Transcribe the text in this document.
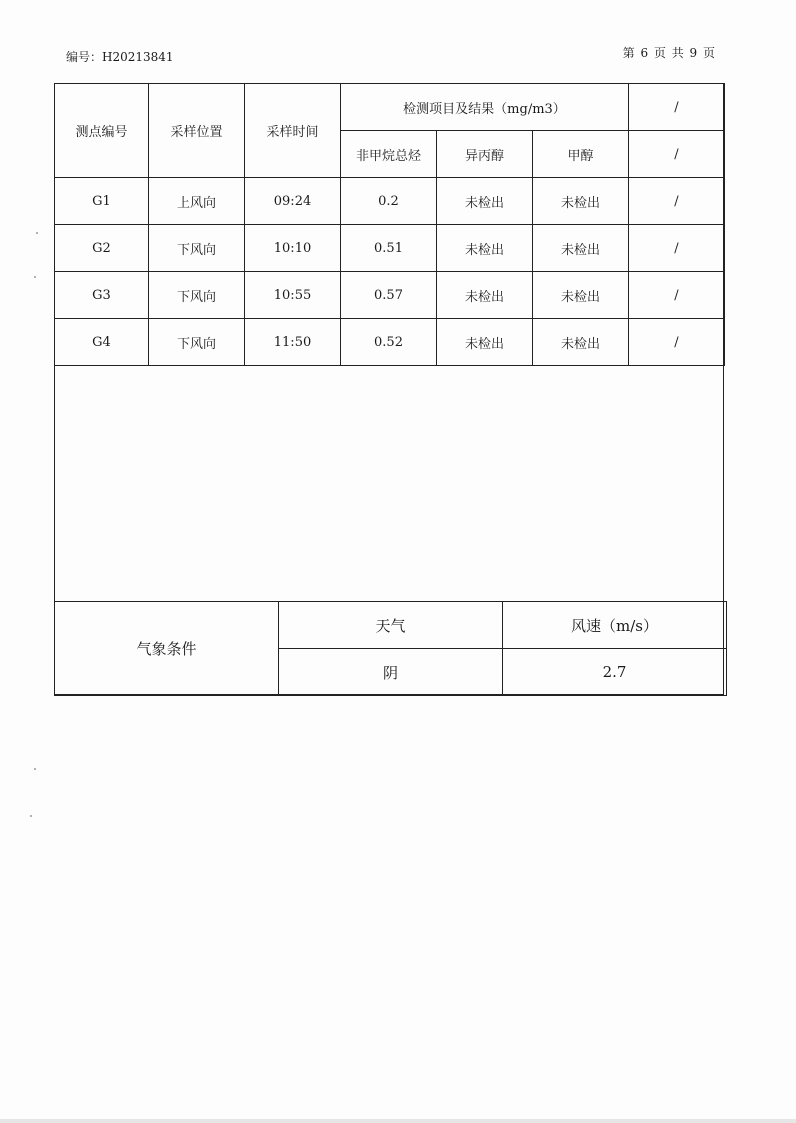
编号：H20213841	第 6 页 共 9 页
测点编号	采样位置	采样时间	检测项目及结果（mg/m3）			/
			非甲烷总烃	异丙醇	甲醇	/
G1	上风向	09:24	0.2	未检出	未检出	/
G2	下风向	10:10	0.51	未检出	未检出	/
G3	下风向	10:55	0.57	未检出	未检出	/
G4	下风向	11:50	0.52	未检出	未检出	/
气象条件	天气	风速（m/s）
	阴	2.7
